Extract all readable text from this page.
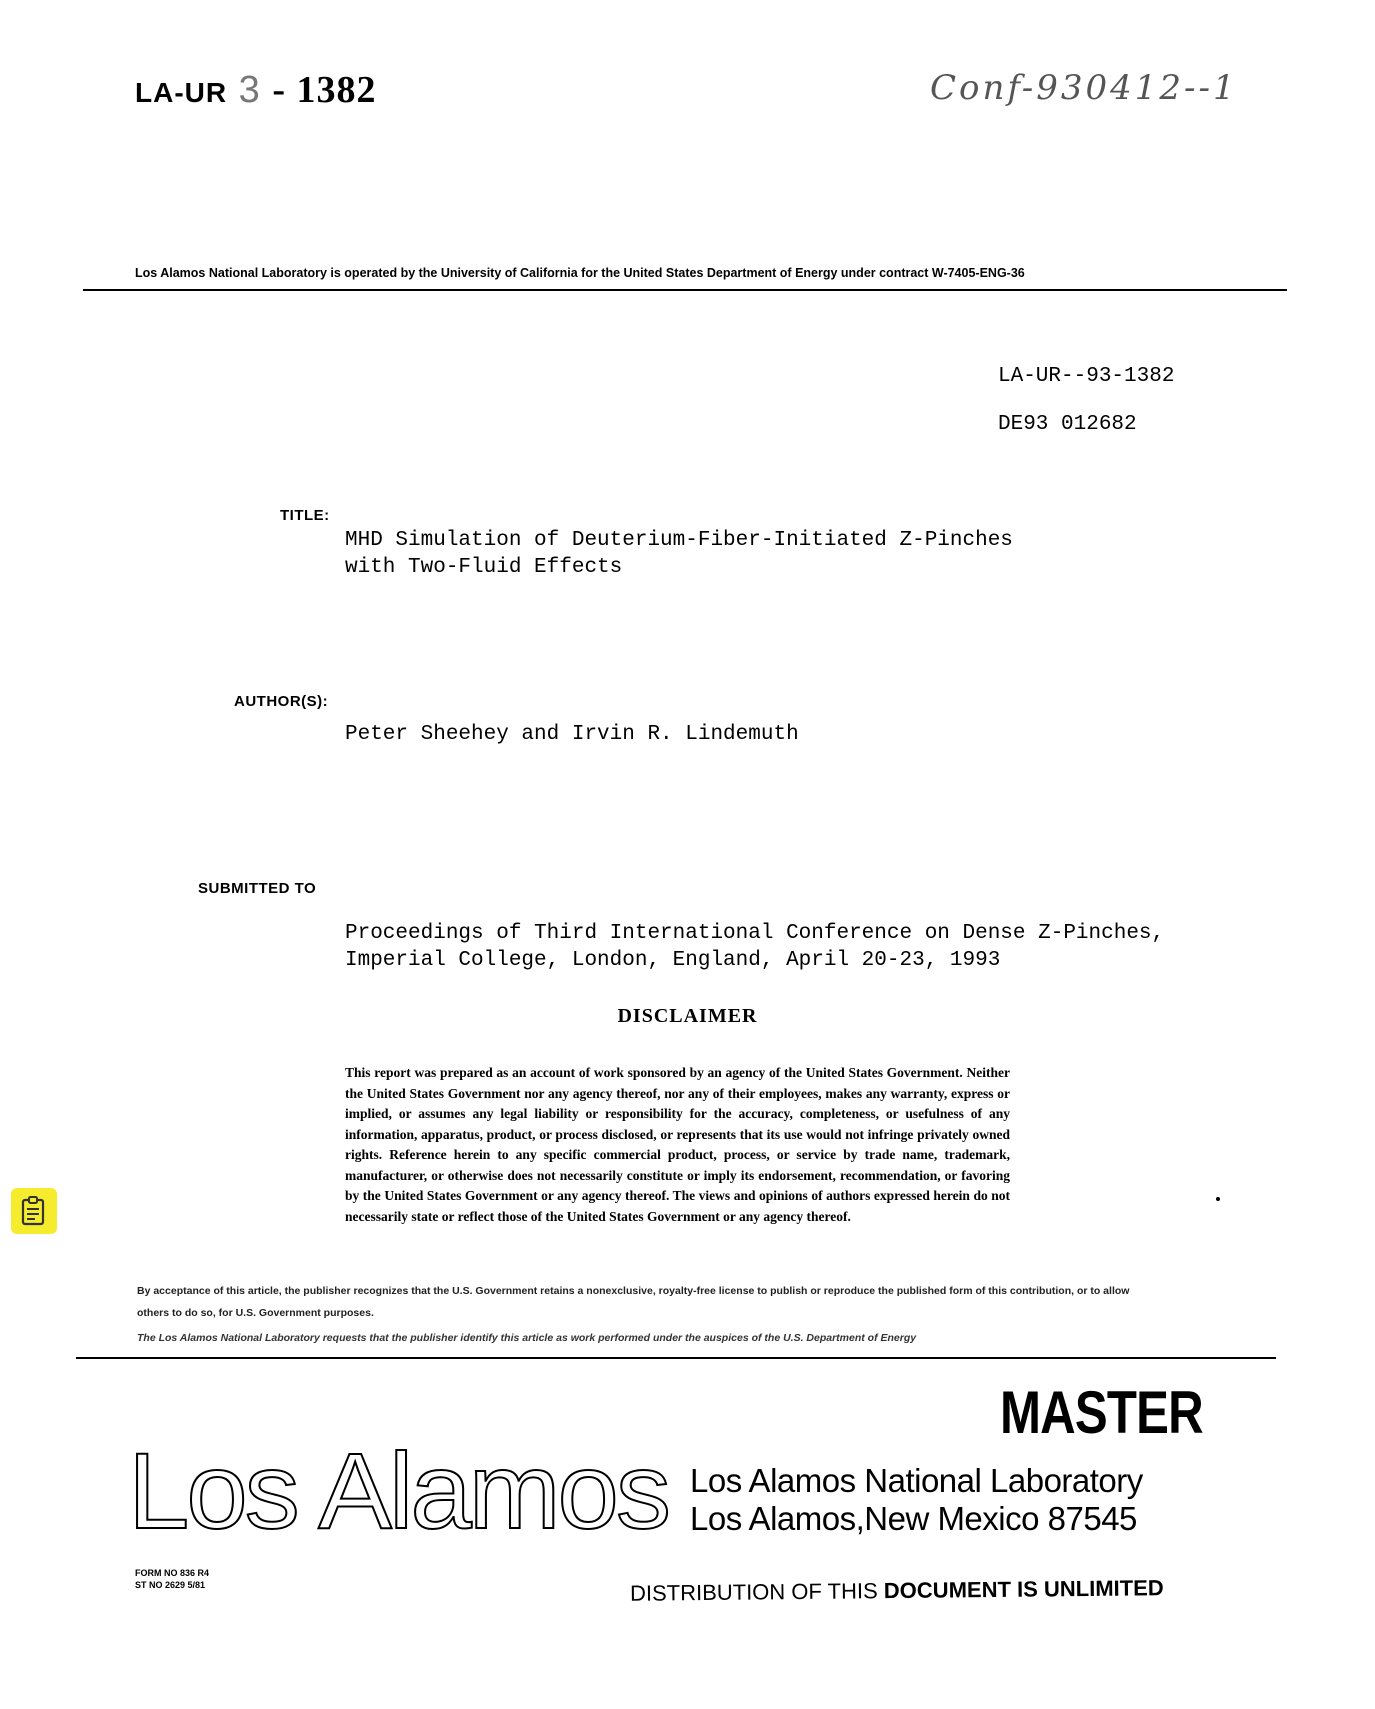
LA-UR 3 - 1382	Conf-930412--1
Los Alamos National Laboratory is operated by the University of California for the United States Department of Energy under contract W-7405-ENG-36
LA-UR--93-1382
DE93 012682
TITLE:
MHD Simulation of Deuterium-Fiber-Initiated Z-Pinches
with Two-Fluid Effects
AUTHOR(S):
Peter Sheehey and Irvin R. Lindemuth
SUBMITTED TO
Proceedings of Third International Conference on Dense Z-Pinches,
Imperial College, London, England, April 20-23, 1993
DISCLAIMER
This report was prepared as an account of work sponsored by an agency of the United States Government. Neither the United States Government nor any agency thereof, nor any of their employees, makes any warranty, express or implied, or assumes any legal liability or responsibility for the accuracy, completeness, or usefulness of any information, apparatus, product, or process disclosed, or represents that its use would not infringe privately owned rights. Reference herein to any specific commercial product, process, or service by trade name, trademark, manufacturer, or otherwise does not necessarily constitute or imply its endorsement, recommendation, or favoring by the United States Government or any agency thereof. The views and opinions of authors expressed herein do not necessarily state or reflect those of the United States Government or any agency thereof.
By acceptance of this article, the publisher recognizes that the U.S. Government retains a nonexclusive, royalty-free license to publish or reproduce the published form of this contribution, or to allow others to do so, for U.S. Government purposes.
The Los Alamos National Laboratory requests that the publisher identify this article as work performed under the auspices of the U.S. Department of Energy
MASTER
Los Alamos Los Alamos National Laboratory
Los Alamos,New Mexico 87545
FORM NO 836 R4
ST NO 2629 5/81	DISTRIBUTION OF THIS DOCUMENT IS UNLIMITED
